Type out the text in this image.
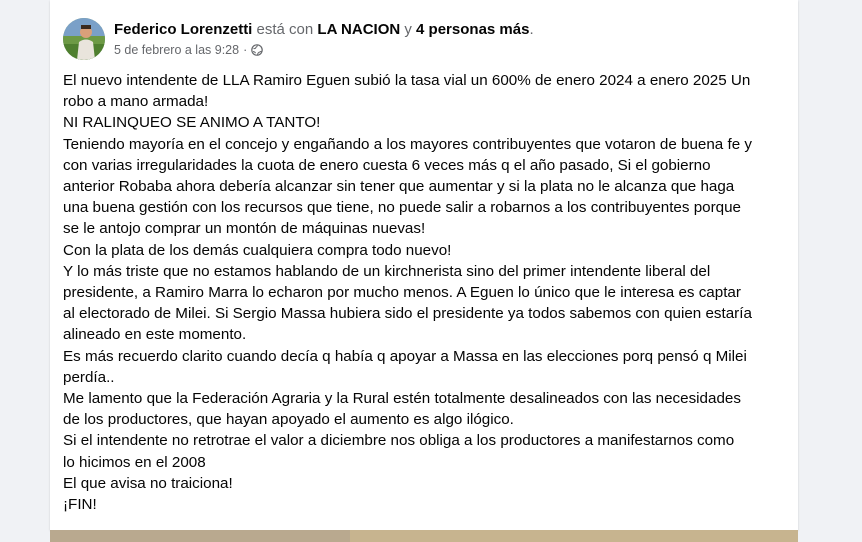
Federico Lorenzetti está con LA NACION y 4 personas más.
5 de febrero a las 9:28 ·

El nuevo intendente de LLA Ramiro Eguen subió la tasa vial un 600% de enero 2024 a enero 2025 Un

robo a mano armada!

NI RALINQUEO SE ANIMO A TANTO!

Teniendo mayoría en el concejo y engañando a los mayores contribuyentes que votaron de buena fe y

con varias irregularidades la cuota de enero cuesta 6 veces más q el año pasado, Si el gobierno

anterior Robaba ahora debería alcanzar sin tener que aumentar y si la plata no le alcanza que haga

una buena gestión con los recursos que tiene, no puede salir a robarnos a los contribuyentes porque

se le antojo comprar un montón de máquinas nuevas!

Con la plata de los demás cualquiera compra todo nuevo!

Y lo más triste que no estamos hablando de un kirchnerista sino del primer intendente liberal del

presidente, a Ramiro Marra lo echaron por mucho menos. A Eguen lo único que le interesa es captar

al electorado de Milei. Si Sergio Massa hubiera sido el presidente ya todos sabemos con quien estaría

alineado en este momento.

Es más recuerdo clarito cuando decía q había q apoyar a Massa en las elecciones porq pensó q Milei

perdía..

Me lamento que la Federación Agraria y la Rural estén totalmente desalineados con las necesidades

de los productores, que hayan apoyado el aumento es algo ilógico.

Si el intendente no retrotrae el valor a diciembre nos obliga a los productores a manifestarnos como

lo hicimos en el 2008

El que avisa no traiciona!

¡FIN!
